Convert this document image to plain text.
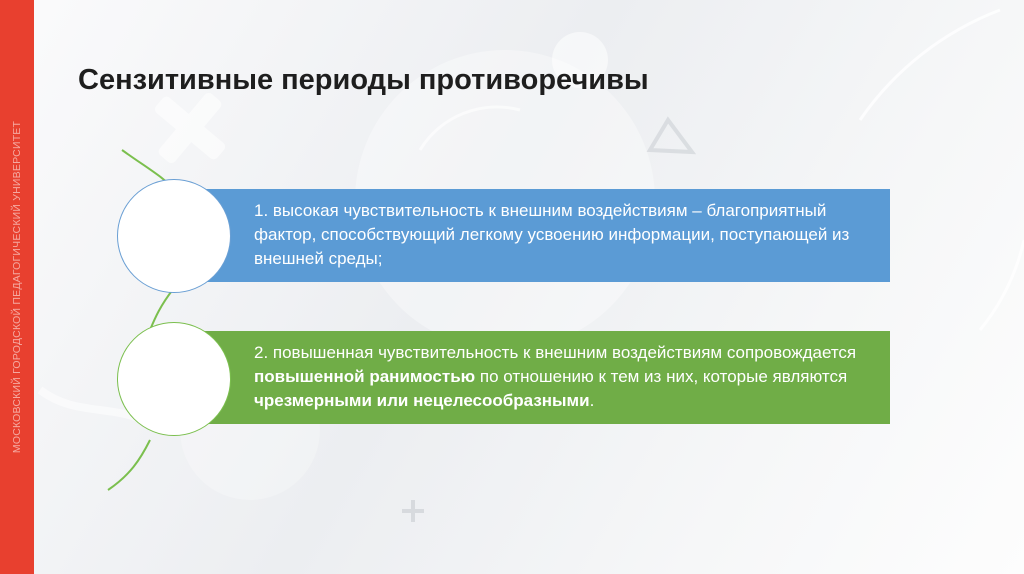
МОСКОВСКИЙ ГОРОДСКОЙ ПЕДАГОГИЧЕСКИЙ УНИВЕРСИТЕТ
Сензитивные периоды противоречивы

1. высокая чувствительность к внешним воздействиям – благоприятный фактор, способствующий легкому усвоению информации, поступающей из внешней среды;

2. повышенная чувствительность к внешним воздействиям сопровождается повышенной ранимостью по отношению к тем из них, которые являются чрезмерными или нецелесообразными.
